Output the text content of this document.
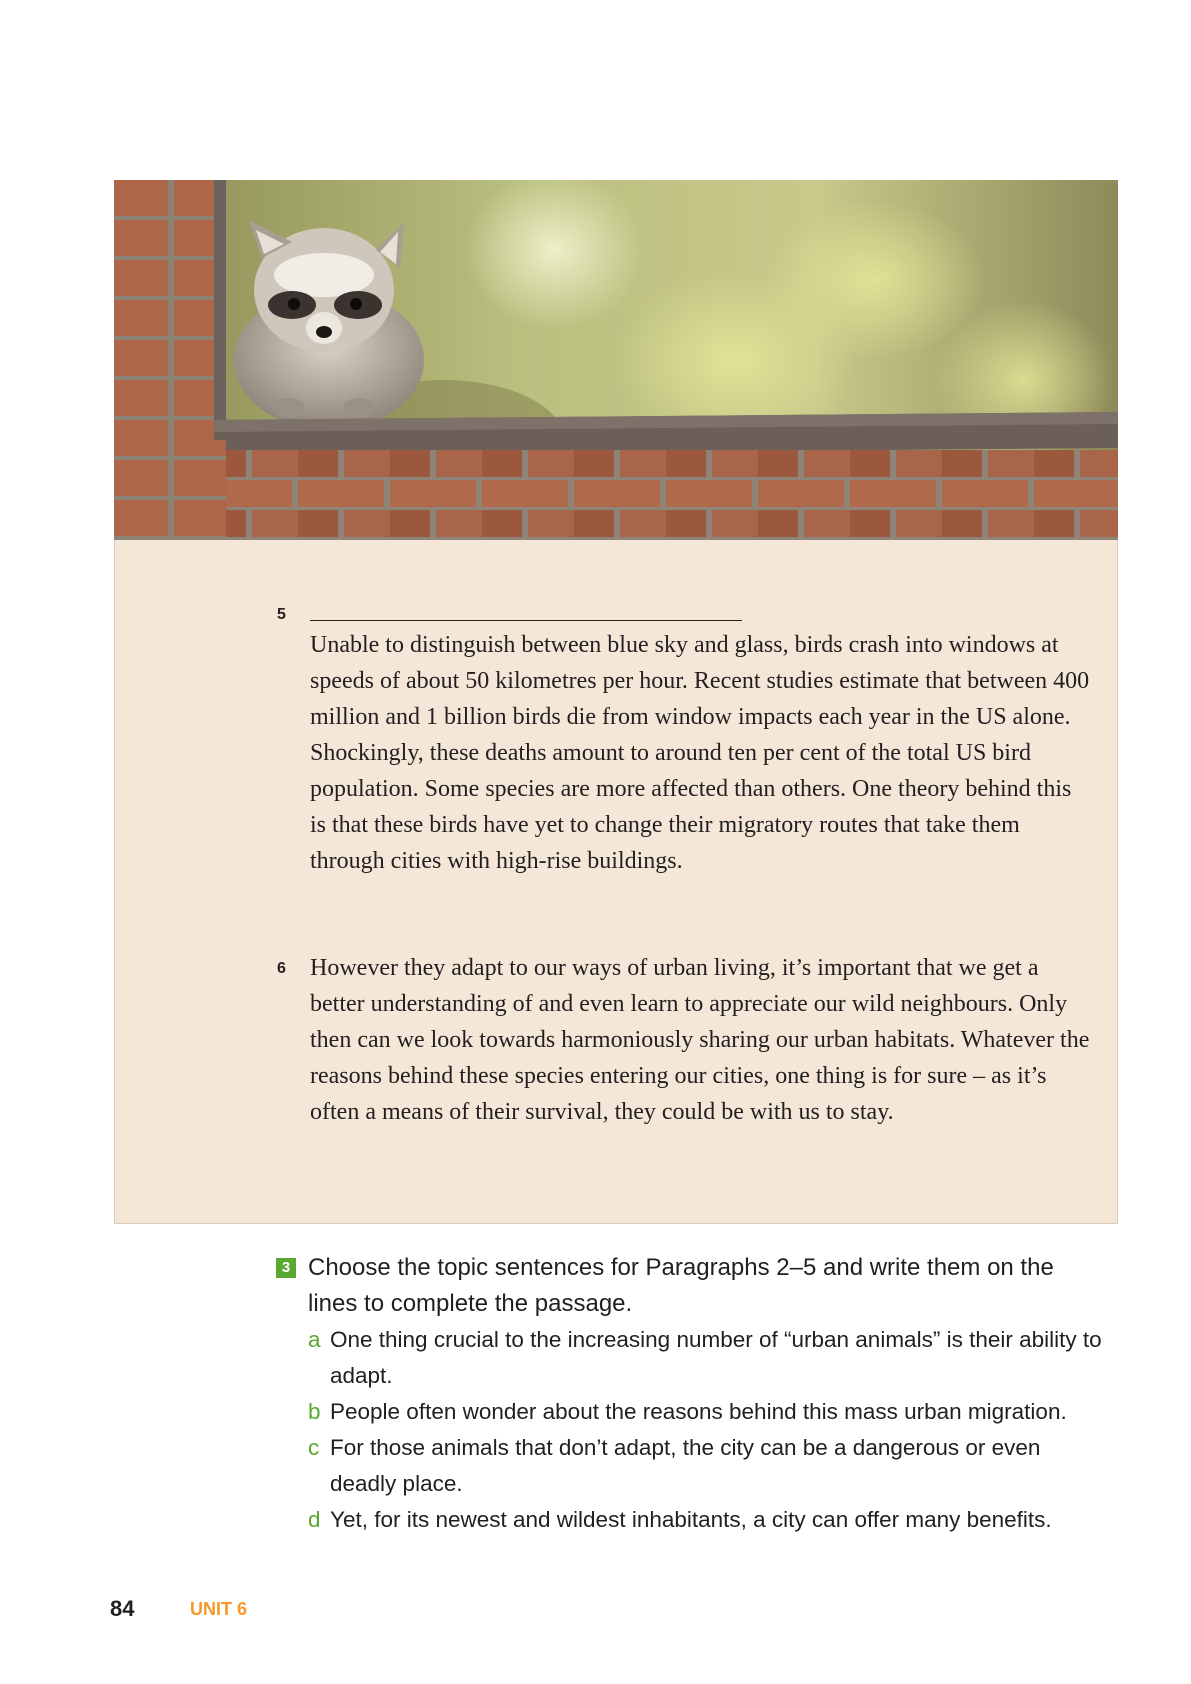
5

Unable to distinguish between blue sky and glass, birds crash into windows at speeds of about 50 kilometres per hour. Recent studies estimate that between 400 million and 1 billion birds die from window impacts each year in the US alone. Shockingly, these deaths amount to around ten per cent of the total US bird population. Some species are more affected than others. One theory behind this is that these birds have yet to change their migratory routes that take them through cities with high-rise buildings.

6 However they adapt to our ways of urban living, it’s important that we get a better understanding of and even learn to appreciate our wild neighbours. Only then can we look towards harmoniously sharing our urban habitats. Whatever the reasons behind these species entering our cities, one thing is for sure – as it’s often a means of their survival, they could be with us to stay.

3 Choose the topic sentences for Paragraphs 2–5 and write them on the lines to complete the passage.

a One thing crucial to the increasing number of “urban animals” is their ability to adapt.
b People often wonder about the reasons behind this mass urban migration.
c For those animals that don’t adapt, the city can be a dangerous or even deadly place.
d Yet, for its newest and wildest inhabitants, a city can offer many benefits.
84	UNIT 6
